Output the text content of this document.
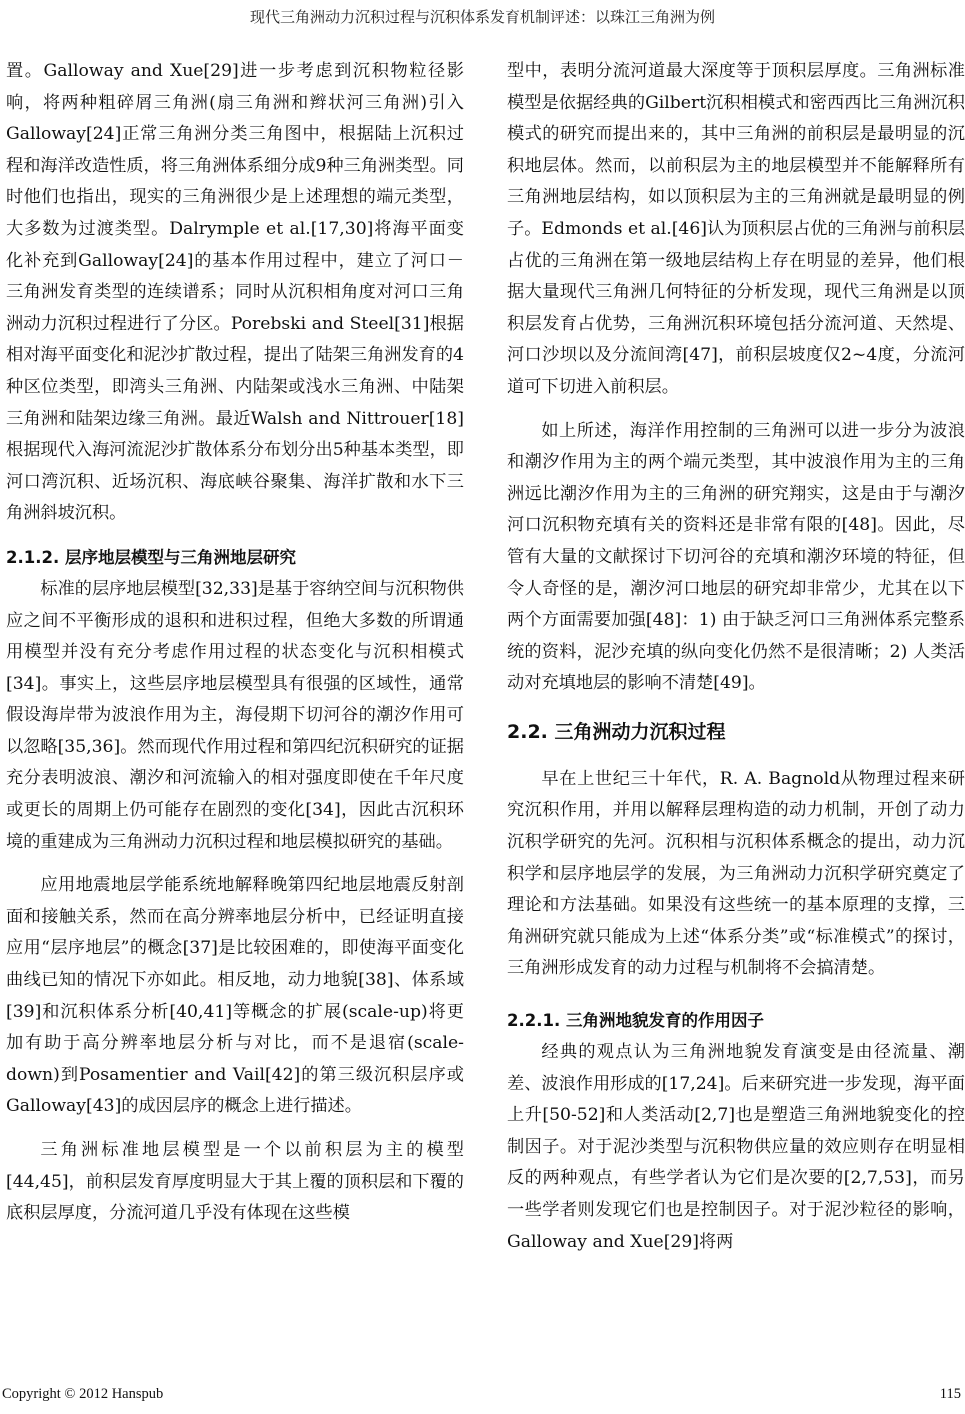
现代三角洲动力沉积过程与沉积体系发育机制评述：以珠江三角洲为例

置。Galloway and Xue[29]进一步考虑到沉积物粒径影响，将两种粗碎屑三角洲(扇三角洲和辫状河三角洲)引入Galloway[24]正常三角洲分类三角图中，根据陆上沉积过程和海洋改造性质，将三角洲体系细分成9种三角洲类型。同时他们也指出，现实的三角洲很少是上述理想的端元类型，大多数为过渡类型。Dalrymple et al.[17,30]将海平面变化补充到Galloway[24]的基本作用过程中，建立了河口－三角洲发育类型的连续谱系；同时从沉积相角度对河口三角洲动力沉积过程进行了分区。Porebski and Steel[31]根据相对海平面变化和泥沙扩散过程，提出了陆架三角洲发育的4种区位类型，即湾头三角洲、内陆架或浅水三角洲、中陆架三角洲和陆架边缘三角洲。最近Walsh and Nittrouer[18]根据现代入海河流泥沙扩散体系分布划分出5种基本类型，即河口湾沉积、近场沉积、海底峡谷聚集、海洋扩散和水下三角洲斜坡沉积。

2.1.2. 层序地层模型与三角洲地层研究

标准的层序地层模型[32,33]是基于容纳空间与沉积物供应之间不平衡形成的退积和进积过程，但绝大多数的所谓通用模型并没有充分考虑作用过程的状态变化与沉积相模式[34]。事实上，这些层序地层模型具有很强的区域性，通常假设海岸带为波浪作用为主，海侵期下切河谷的潮汐作用可以忽略[35,36]。然而现代作用过程和第四纪沉积研究的证据充分表明波浪、潮汐和河流输入的相对强度即使在千年尺度或更长的周期上仍可能存在剧烈的变化[34]，因此古沉积环境的重建成为三角洲动力沉积过程和地层模拟研究的基础。

应用地震地层学能系统地解释晚第四纪地层地震反射剖面和接触关系，然而在高分辨率地层分析中，已经证明直接应用“层序地层”的概念[37]是比较困难的，即使海平面变化曲线已知的情况下亦如此。相反地，动力地貌[38]、体系域[39]和沉积体系分析[40,41]等概念的扩展(scale-up)将更加有助于高分辨率地层分析与对比，而不是退宿(scale-down)到Posamentier and Vail[42]的第三级沉积层序或Galloway[43]的成因层序的概念上进行描述。

三角洲标准地层模型是一个以前积层为主的模型[44,45]，前积层发育厚度明显大于其上覆的顶积层和下覆的底积层厚度，分流河道几乎没有体现在这些模

型中，表明分流河道最大深度等于顶积层厚度。三角洲标准模型是依据经典的Gilbert沉积相模式和密西西比三角洲沉积模式的研究而提出来的，其中三角洲的前积层是最明显的沉积地层体。然而，以前积层为主的地层模型并不能解释所有三角洲地层结构，如以顶积层为主的三角洲就是最明显的例子。Edmonds et al.[46]认为顶积层占优的三角洲与前积层占优的三角洲在第一级地层结构上存在明显的差异，他们根据大量现代三角洲几何特征的分析发现，现代三角洲是以顶积层发育占优势，三角洲沉积环境包括分流河道、天然堤、河口沙坝以及分流间湾[47]，前积层坡度仅2~4度，分流河道可下切进入前积层。

如上所述，海洋作用控制的三角洲可以进一步分为波浪和潮汐作用为主的两个端元类型，其中波浪作用为主的三角洲远比潮汐作用为主的三角洲的研究翔实，这是由于与潮汐河口沉积物充填有关的资料还是非常有限的[48]。因此，尽管有大量的文献探讨下切河谷的充填和潮汐环境的特征，但令人奇怪的是，潮汐河口地层的研究却非常少，尤其在以下两个方面需要加强[48]：1) 由于缺乏河口三角洲体系完整系统的资料，泥沙充填的纵向变化仍然不是很清晰；2) 人类活动对充填地层的影响不清楚[49]。

2.2. 三角洲动力沉积过程

早在上世纪三十年代，R. A. Bagnold从物理过程来研究沉积作用，并用以解释层理构造的动力机制，开创了动力沉积学研究的先河。沉积相与沉积体系概念的提出，动力沉积学和层序地层学的发展，为三角洲动力沉积学研究奠定了理论和方法基础。如果没有这些统一的基本原理的支撑，三角洲研究就只能成为上述“体系分类”或“标准模式”的探讨，三角洲形成发育的动力过程与机制将不会搞清楚。

2.2.1. 三角洲地貌发育的作用因子

经典的观点认为三角洲地貌发育演变是由径流量、潮差、波浪作用形成的[17,24]。后来研究进一步发现，海平面上升[50-52]和人类活动[2,7]也是塑造三角洲地貌变化的控制因子。对于泥沙类型与沉积物供应量的效应则存在明显相反的两种观点，有些学者认为它们是次要的[2,7,53]，而另一些学者则发现它们也是控制因子。对于泥沙粒径的影响，Galloway and Xue[29]将两

Copyright © 2012 Hanspub	115
